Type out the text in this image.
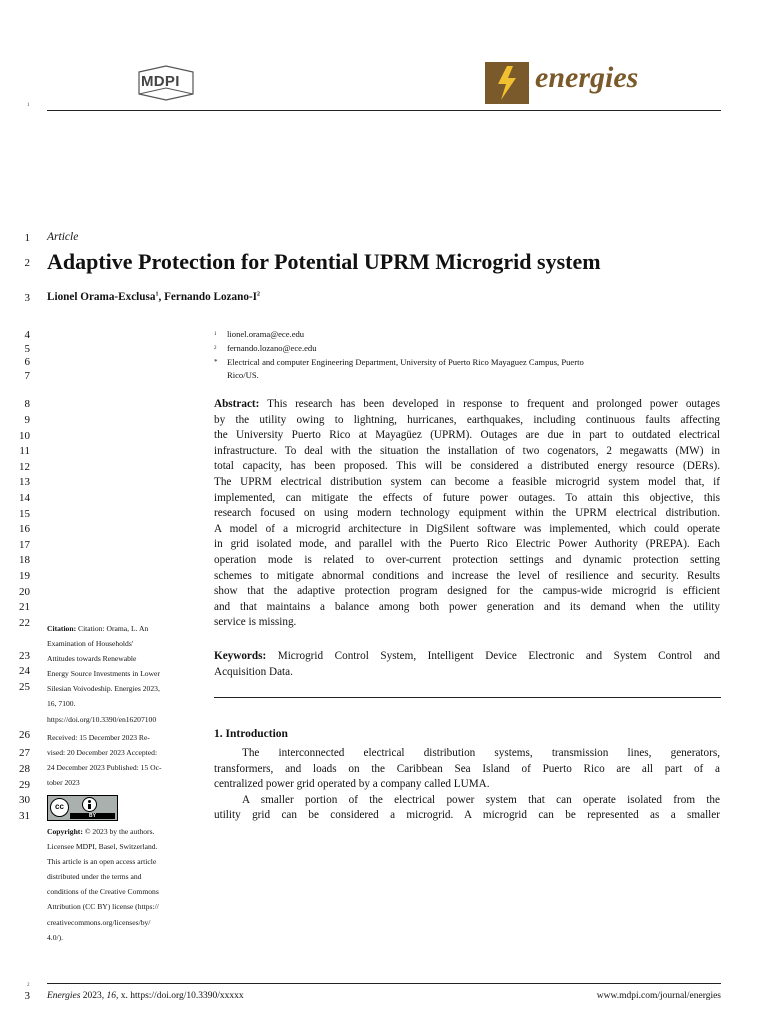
1
2
MDPI	energies
1
2
3
4
5
6
7
8
9
10
11
12
13
14
15
16
17
18
19
20
21
22
23
24
25
26
27
28
29
30
31
3
Article
Adaptive Protection for Potential UPRM Microgrid system
Lionel Orama-Exclusa$^1$, Fernando Lozano-$I^2$
1 lionel.orama@ece.edu
2 fernando.lozano@ece.edu
* Electrical and computer Engineering Department, University of Puerto Rico Mayaguez Campus, Puerto
Rico/US.
Abstract: This research has been developed in response to frequent and prolonged power outages
by the utility owing to lightning, hurricanes, earthquakes, including continuous faults affecting
the University Puerto Rico at Mayagüez (UPRM). Outages are due in part to outdated electrical
infrastructure. To deal with the situation the installation of two cogenators, 2 megawatts (MW) in
total capacity, has been proposed. This will be considered a distributed energy resource (DERs).
The UPRM electrical distribution system can become a feasible microgrid system model that, if
implemented, can mitigate the effects of future power outages. To attain this objective, this
research focused on using modern technology equipment within the UPRM electrical distribution.
A model of a microgrid architecture in DigSilent software was implemented, which could operate
in grid isolated mode, and parallel with the Puerto Rico Electric Power Authority (PREPA). Each
operation mode is related to over-current protection settings and dynamic protection setting
schemes to mitigate abnormal conditions and increase the level of resilience and security. Results
show that the adaptive protection program designed for the campus-wide microgrid is efficient
and that maintains a balance among both power generation and its demand when the utility
service is missing.
Keywords: Microgrid Control System, Intelligent Device Electronic and System Control and
Acquisition Data.
Citation: Citation: Orama, L. An
Examination of Households'
Attitudes towards Renewable
Energy Source Investments in Lower
Silesian Voivodeship. Energies 2023,
16, 7100.
https://doi.org/10.3390/en16207100
Received: 15 December 2023 Re-
vised: 20 December 2023 Accepted:
24 December 2023 Published: 15 Oc-
tober 2023
cc
BY
Copyright: © 2023 by the authors.
Licensee MDPI, Basel, Switzerland.
This article is an open access article
distributed under the terms and
conditions of the Creative Commons
Attribution (CC BY) license (https://
creativecommons.org/licenses/by/
4.0/).
1. Introduction
The interconnected electrical distribution systems, transmission lines, generators,
transformers, and loads on the Caribbean Sea Island of Puerto Rico are all part of a
centralized power grid operated by a company called LUMA.
A smaller portion of the electrical power system that can operate isolated from the
utility grid can be considered a microgrid. A microgrid can be represented as a smaller
Energies 2023, 16, x. https://doi.org/10.3390/xxxxx	www.mdpi.com/journal/energies
